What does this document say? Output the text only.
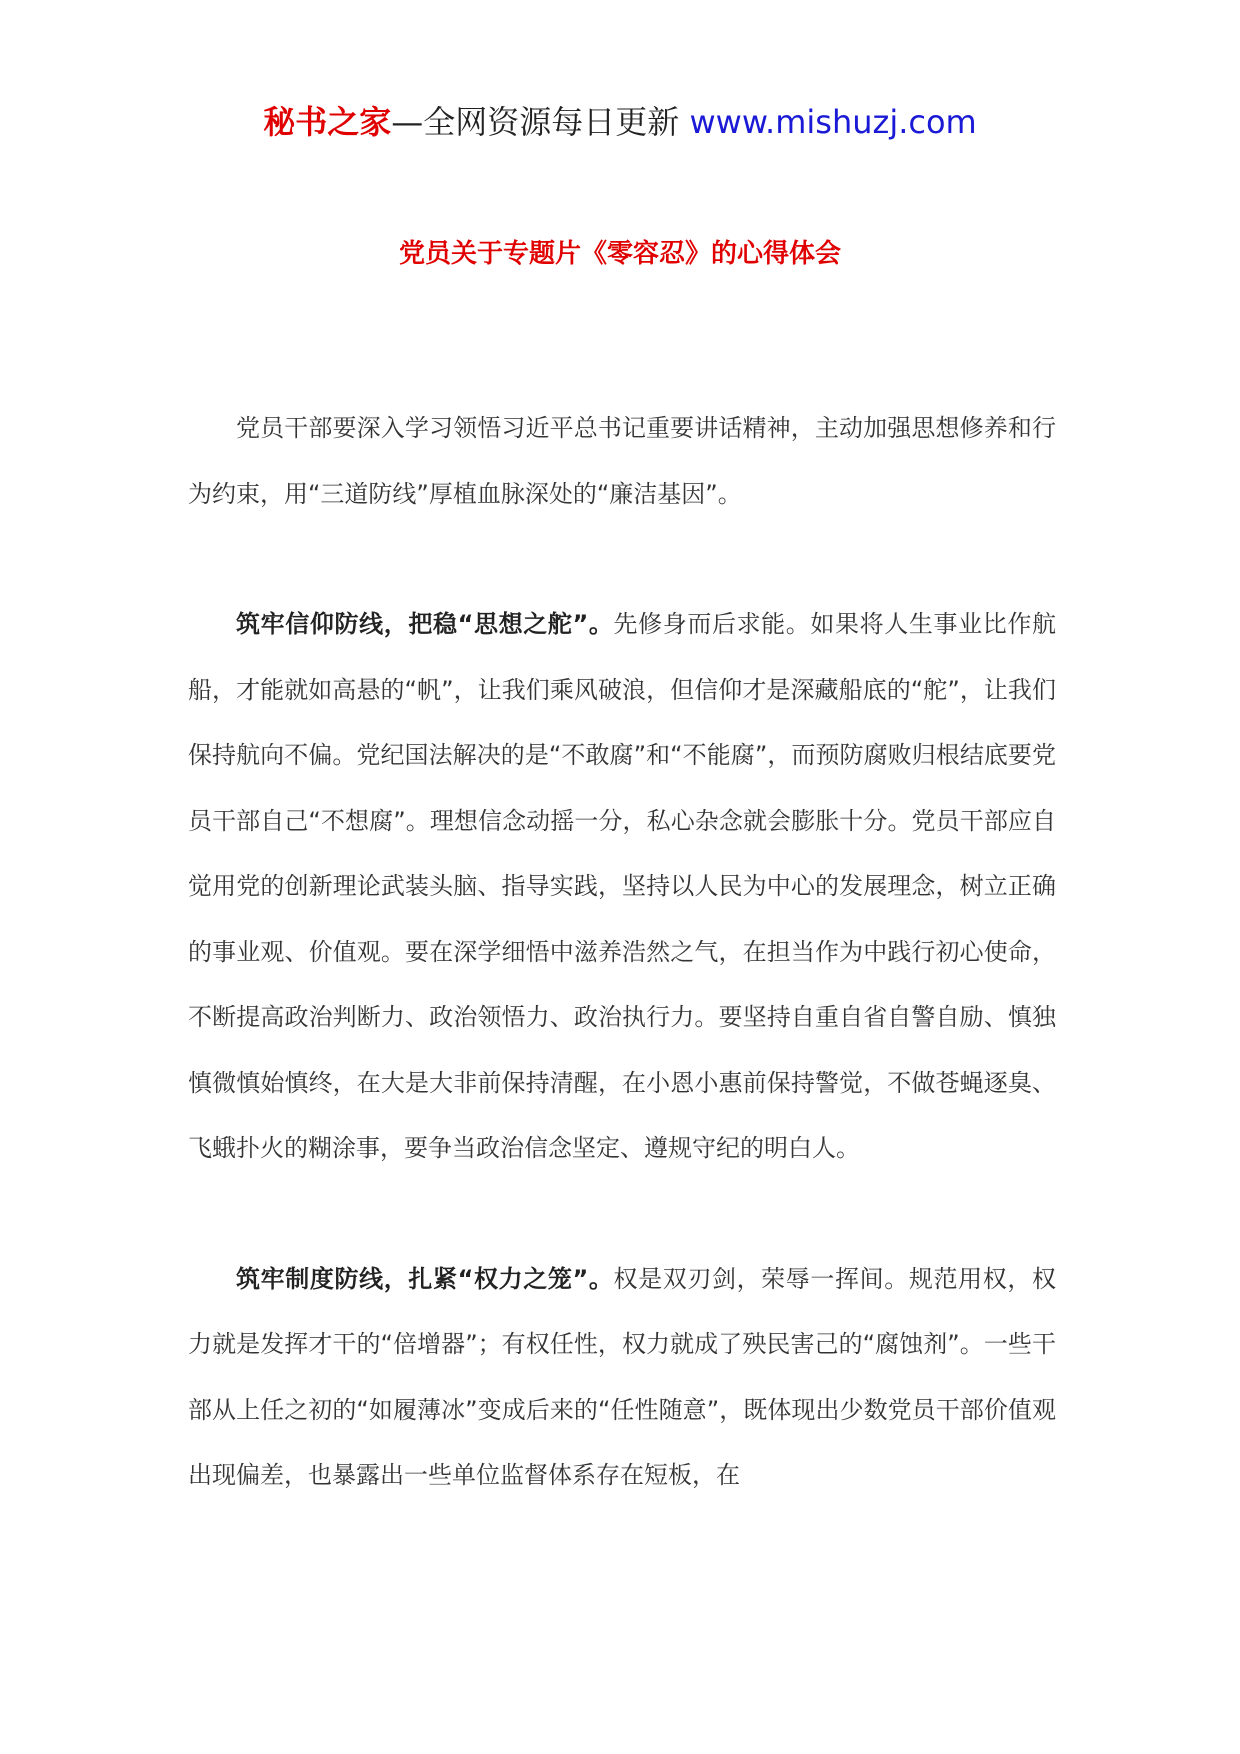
秘书之家—全网资源每日更新 www.mishuzj.com
党员关于专题片《零容忍》的心得体会

党员干部要深入学习领悟习近平总书记重要讲话精神，主动加强思想修养和行为约束，用“三道防线”厚植血脉深处的“廉洁基因”。

筑牢信仰防线，把稳“思想之舵”。先修身而后求能。如果将人生事业比作航船，才能就如高悬的“帆”，让我们乘风破浪，但信仰才是深藏船底的“舵”，让我们保持航向不偏。党纪国法解决的是“不敢腐”和“不能腐”，而预防腐败归根结底要党员干部自己“不想腐”。理想信念动摇一分，私心杂念就会膨胀十分。党员干部应自觉用党的创新理论武装头脑、指导实践，坚持以人民为中心的发展理念，树立正确的事业观、价值观。要在深学细悟中滋养浩然之气，在担当作为中践行初心使命，不断提高政治判断力、政治领悟力、政治执行力。要坚持自重自省自警自励、慎独慎微慎始慎终，在大是大非前保持清醒，在小恩小惠前保持警觉，不做苍蝇逐臭、飞蛾扑火的糊涂事，要争当政治信念坚定、遵规守纪的明白人。

筑牢制度防线，扎紧“权力之笼”。权是双刃剑，荣辱一挥间。规范用权，权力就是发挥才干的“倍增器”；有权任性，权力就成了殃民害己的“腐蚀剂”。一些干部从上任之初的“如履薄冰”变成后来的“任性随意”，既体现出少数党员干部价值观出现偏差，也暴露出一些单位监督体系存在短板，在
